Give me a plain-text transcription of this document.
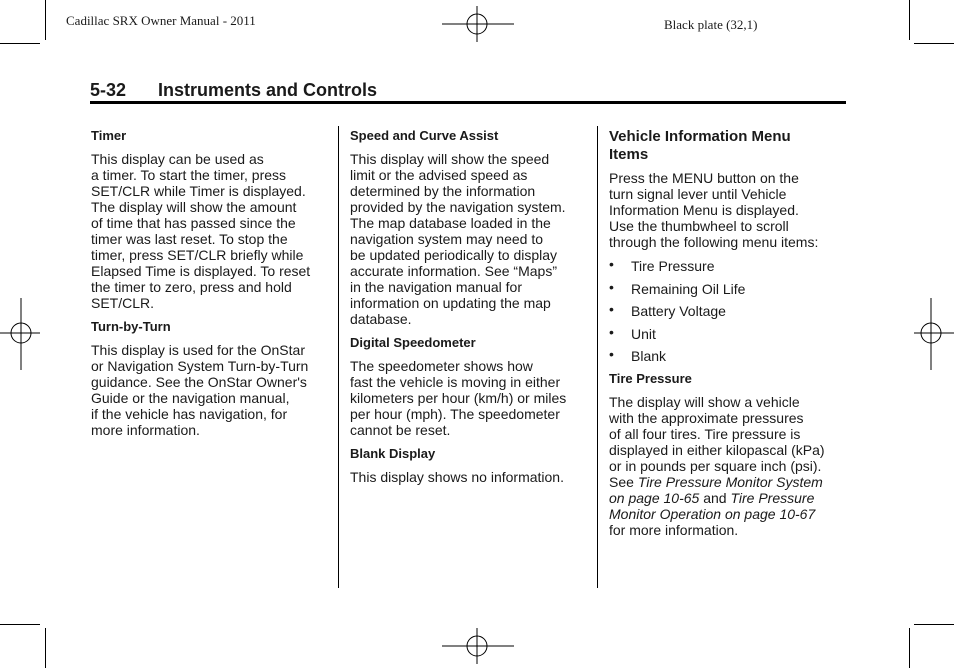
Cadillac SRX Owner Manual - 2011	Black plate (32,1)
5-32 Instruments and Controls
Timer

This display can be used as
a timer. To start the timer, press
SET/CLR while Timer is displayed.
The display will show the amount
of time that has passed since the
timer was last reset. To stop the
timer, press SET/CLR briefly while
Elapsed Time is displayed. To reset
the timer to zero, press and hold
SET/CLR.

Turn-by-Turn

This display is used for the OnStar
or Navigation System Turn-by-Turn
guidance. See the OnStar Owner's
Guide or the navigation manual,
if the vehicle has navigation, for
more information.

Speed and Curve Assist

This display will show the speed
limit or the advised speed as
determined by the information
provided by the navigation system.
The map database loaded in the
navigation system may need to
be updated periodically to display
accurate information. See “Maps”
in the navigation manual for
information on updating the map
database.

Digital Speedometer

The speedometer shows how
fast the vehicle is moving in either
kilometers per hour (km/h) or miles
per hour (mph). The speedometer
cannot be reset.

Blank Display

This display shows no information.

Vehicle Information Menu
Items

Press the MENU button on the
turn signal lever until Vehicle
Information Menu is displayed.
Use the thumbwheel to scroll
through the following menu items:

• Tire Pressure
• Remaining Oil Life
• Battery Voltage
• Unit
• Blank
Tire Pressure

The display will show a vehicle
with the approximate pressures
of all four tires. Tire pressure is
displayed in either kilopascal (kPa)
or in pounds per square inch (psi).
See Tire Pressure Monitor System
on page 10-65 and Tire Pressure
Monitor Operation on page 10-67
for more information.
